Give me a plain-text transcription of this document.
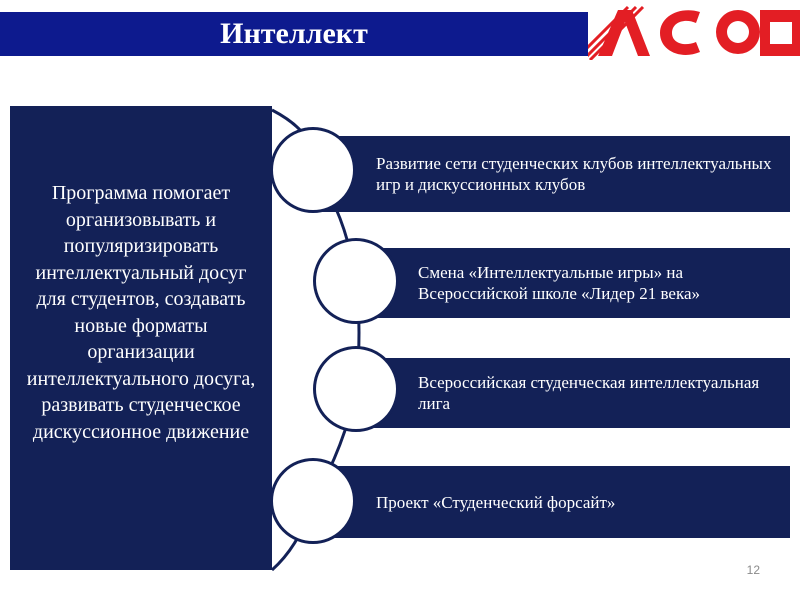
Интеллект
Программа помогает организовывать и популяризировать интеллектуальный досуг для студентов, создавать новые форматы организации интеллектуального досуга, развивать студенческое дискуссионное движение
Развитие сети студенческих клубов интеллектуальных игр и дискуссионных клубов
Смена «Интеллектуальные игры» на Всероссийской школе «Лидер 21 века»
Всероссийская студенческая интеллектуальная лига
Проект «Студенческий форсайт»
12
